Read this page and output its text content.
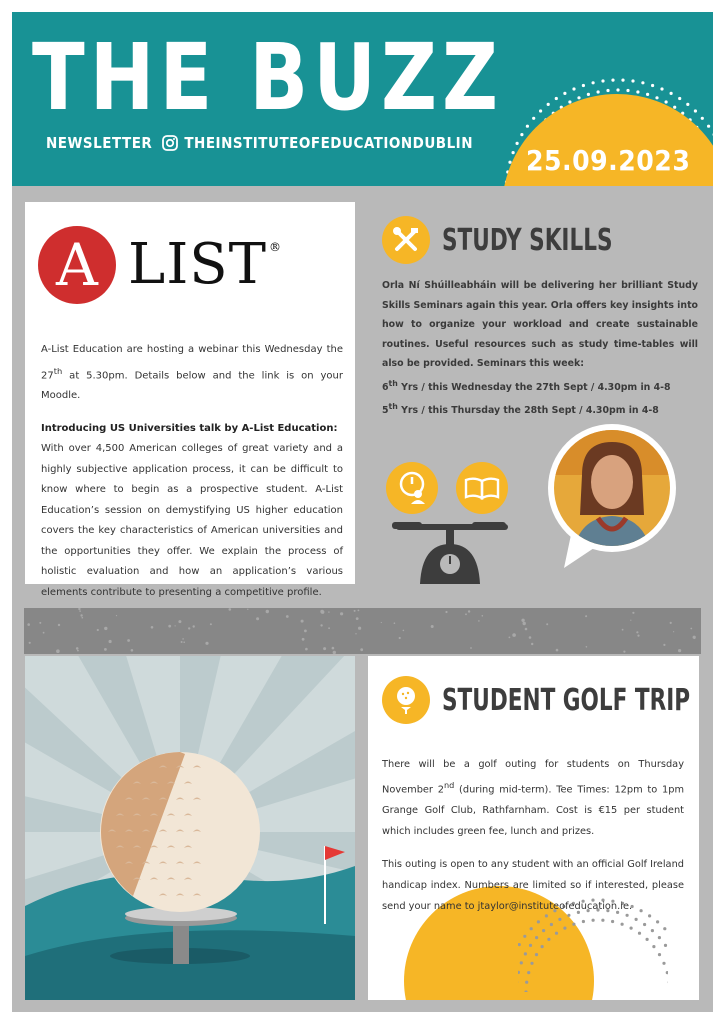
THE BUZZ
NEWSLETTER THEINSTITUTEOFEDUCATIONDUBLIN
25.09.2023
A LIST ®

A-List Education are hosting a webinar this Wednesday the 27th at 5.30pm. Details below and the link is on your Moodle.

Introducing US Universities talk by A-List Education:

With over 4,500 American colleges of great variety and a highly subjective application process, it can be difficult to know where to begin as a prospective student. A-List Education’s session on demystifying US higher education covers the key characteristics of American universities and the opportunities they offer. We explain the process of holistic evaluation and how an application’s various elements contribute to presenting a competitive profile.

STUDY SKILLS

Orla Ní Shúilleabháin will be delivering her brilliant Study Skills Seminars again this year. Orla offers key insights into how to organize your workload and create sustainable routines. Useful resources such as study time-tables will also be provided. Seminars this week:

6th Yrs / this Wednesday the 27th Sept / 4.30pm in 4-8

5th Yrs / this Thursday the 28th Sept / 4.30pm in 4-8

STUDENT GOLF TRIP

There will be a golf outing for students on Thursday November 2nd (during mid-term). Tee Times: 12pm to 1pm Grange Golf Club, Rathfarnham. Cost is €15 per student which includes green fee, lunch and prizes.

This outing is open to any student with an official Golf Ireland handicap index. Numbers are limited so if interested, please send your name to jtaylor@instituteofeducation.ie.
